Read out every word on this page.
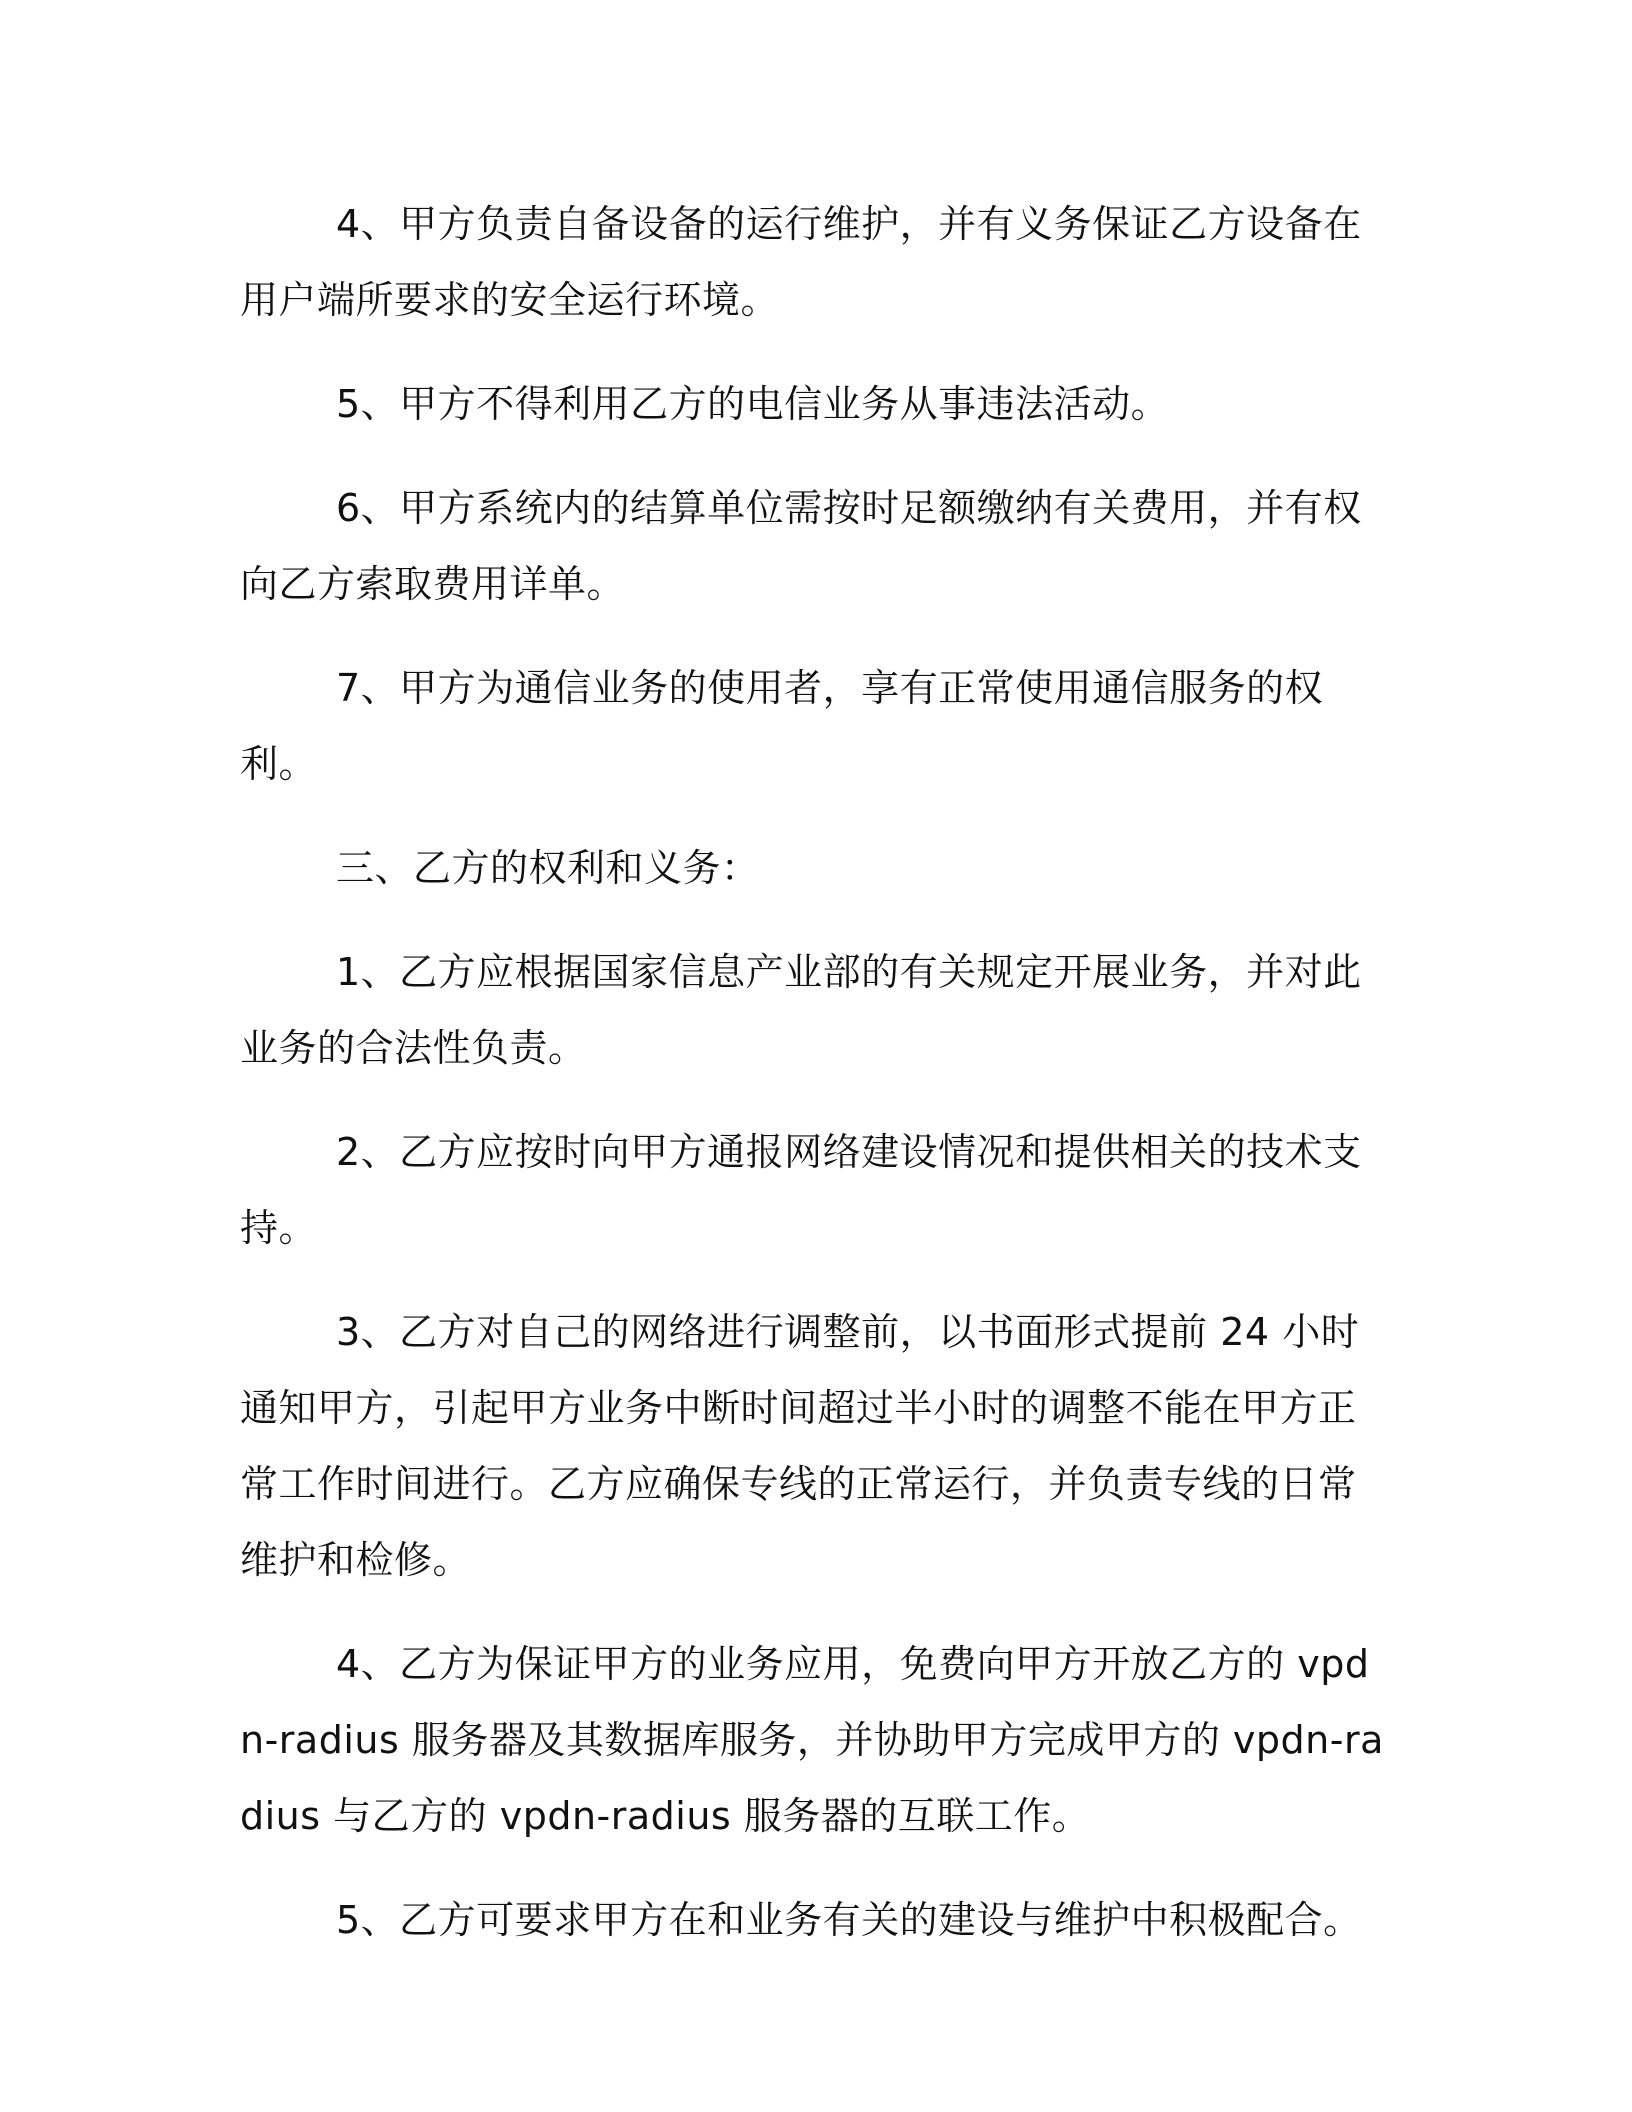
4、甲方负责自备设备的运行维护，并有义务保证乙方设备在用户端所要求的安全运行环境。

5、甲方不得利用乙方的电信业务从事违法活动。

6、甲方系统内的结算单位需按时足额缴纳有关费用，并有权向乙方索取费用详单。

7、甲方为通信业务的使用者，享有正常使用通信服务的权利。

三、乙方的权利和义务：

1、乙方应根据国家信息产业部的有关规定开展业务，并对此业务的合法性负责。

2、乙方应按时向甲方通报网络建设情况和提供相关的技术支持。

3、乙方对自己的网络进行调整前，以书面形式提前 24 小时通知甲方，引起甲方业务中断时间超过半小时的调整不能在甲方正常工作时间进行。乙方应确保专线的正常运行，并负责专线的日常维护和检修。

4、乙方为保证甲方的业务应用，免费向甲方开放乙方的 vpdn-radius 服务器及其数据库服务，并协助甲方完成甲方的 vpdn-radius 与乙方的 vpdn-radius 服务器的互联工作。

5、乙方可要求甲方在和业务有关的建设与维护中积极配合。
